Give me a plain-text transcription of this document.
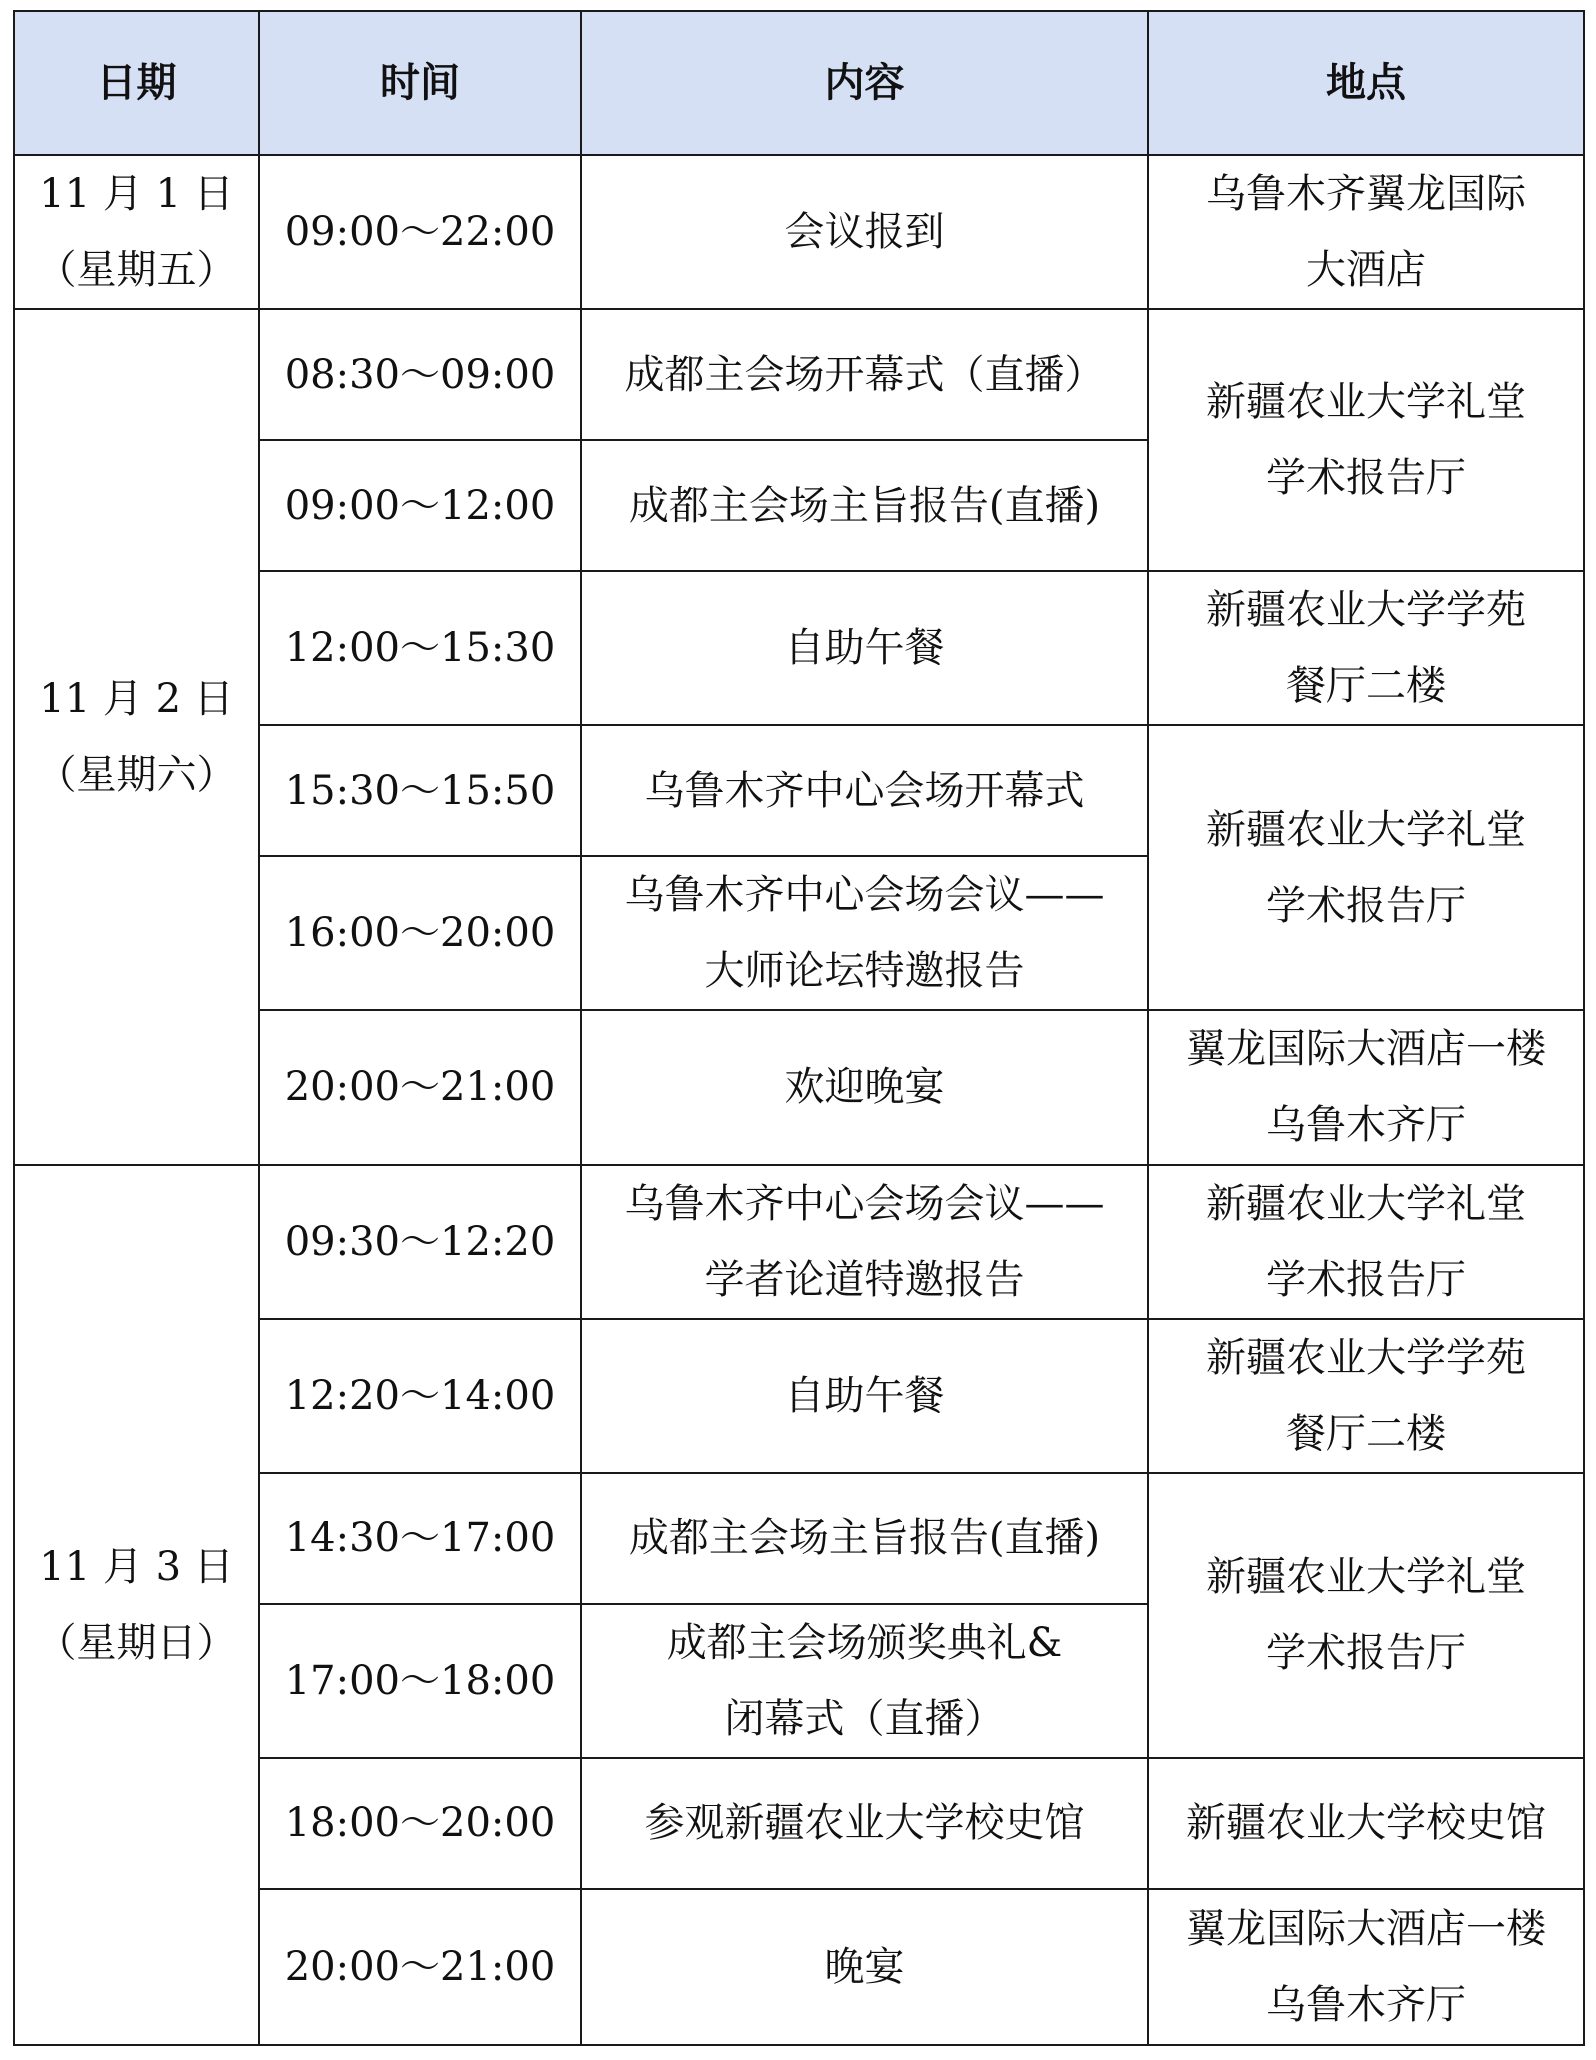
日期	时间	内容	地点

11 月 1 日
（星期五）	09:00～22:00	会议报到	乌鲁木齐翼龙国际
大酒店

11 月 2 日
（星期六）	08:30～09:00	成都主会场开幕式（直播）	新疆农业大学礼堂
学术报告厅

	09:00～12:00	成都主会场主旨报告(直播)	

	12:00～15:30	自助午餐	新疆农业大学学苑
餐厅二楼

	15:30～15:50	乌鲁木齐中心会场开幕式	新疆农业大学礼堂
学术报告厅

	16:00～20:00	乌鲁木齐中心会场会议——
大师论坛特邀报告	

	20:00～21:00	欢迎晚宴	翼龙国际大酒店一楼
乌鲁木齐厅

11 月 3 日
（星期日）	09:30～12:20	乌鲁木齐中心会场会议——
学者论道特邀报告	新疆农业大学礼堂
学术报告厅

	12:20～14:00	自助午餐	新疆农业大学学苑
餐厅二楼

	14:30～17:00	成都主会场主旨报告(直播)	新疆农业大学礼堂
学术报告厅

	17:00～18:00	成都主会场颁奖典礼&
闭幕式（直播）	

	18:00～20:00	参观新疆农业大学校史馆	新疆农业大学校史馆

	20:00～21:00	晚宴	翼龙国际大酒店一楼
乌鲁木齐厅
